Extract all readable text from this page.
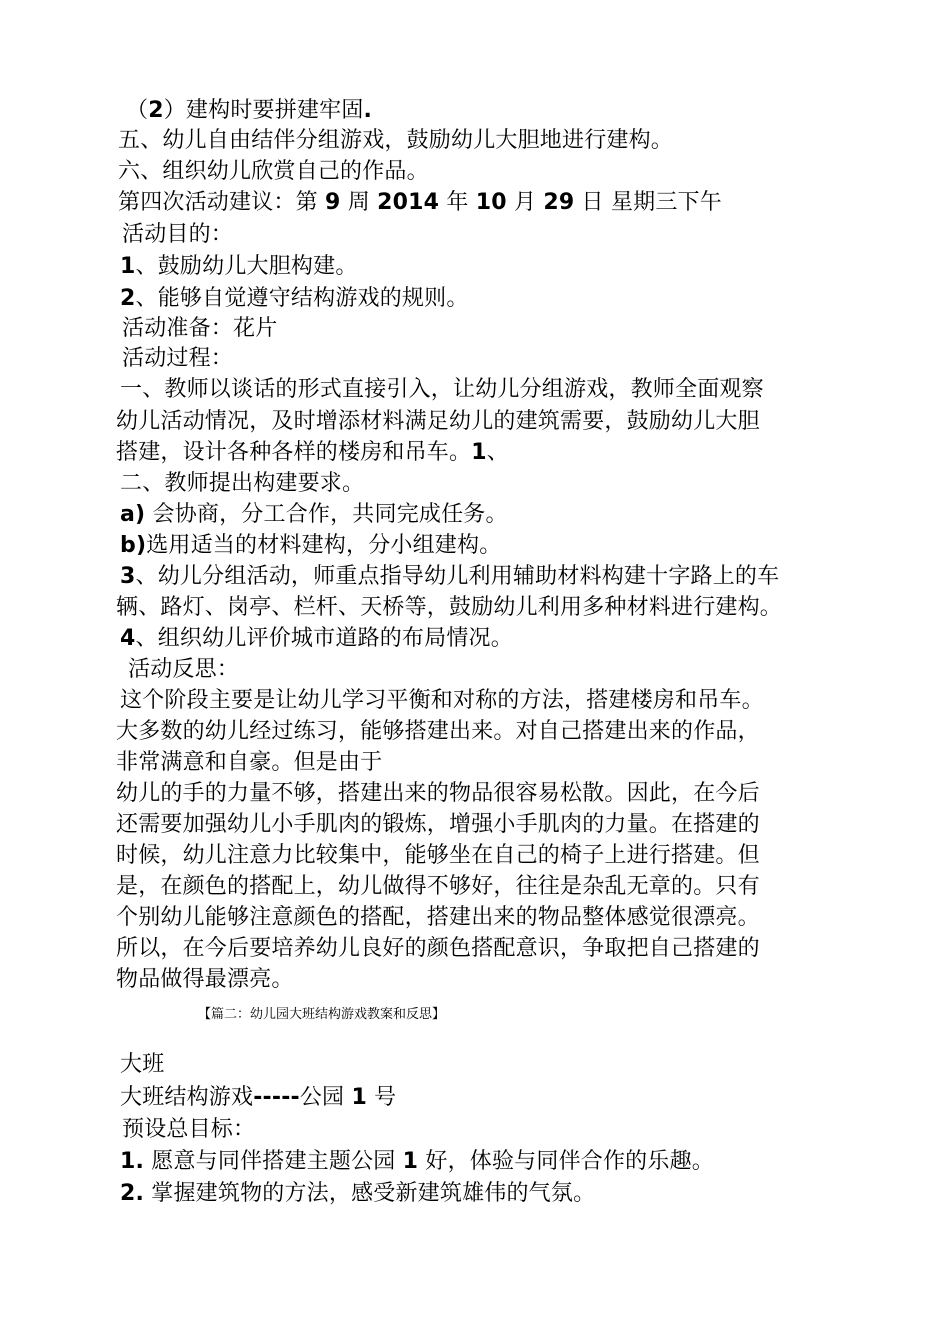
（2）建构时要拼建牢固.
五、幼儿自由结伴分组游戏，鼓励幼儿大胆地进行建构。
六、组织幼儿欣赏自己的作品。
第四次活动建议：第 9 周 2014 年 10 月 29 日 星期三下午
活动目的：
1、鼓励幼儿大胆构建。
2、能够自觉遵守结构游戏的规则。
活动准备：花片
活动过程：
一、教师以谈话的形式直接引入，让幼儿分组游戏，教师全面观察
幼儿活动情况，及时增添材料满足幼儿的建筑需要，鼓励幼儿大胆
搭建，设计各种各样的楼房和吊车。1、
二、教师提出构建要求。
a) 会协商，分工合作，共同完成任务。
b)选用适当的材料建构，分小组建构。
3、幼儿分组活动，师重点指导幼儿利用辅助材料构建十字路上的车
辆、路灯、岗亭、栏杆、天桥等，鼓励幼儿利用多种材料进行建构。
4、组织幼儿评价城市道路的布局情况。
活动反思：
这个阶段主要是让幼儿学习平衡和对称的方法，搭建楼房和吊车。
大多数的幼儿经过练习，能够搭建出来。对自己搭建出来的作品，
非常满意和自豪。但是由于
幼儿的手的力量不够，搭建出来的物品很容易松散。因此，在今后
还需要加强幼儿小手肌肉的锻炼，增强小手肌肉的力量。在搭建的
时候，幼儿注意力比较集中，能够坐在自己的椅子上进行搭建。但
是，在颜色的搭配上，幼儿做得不够好，往往是杂乱无章的。只有
个别幼儿能够注意颜色的搭配，搭建出来的物品整体感觉很漂亮。
所以，在今后要培养幼儿良好的颜色搭配意识，争取把自己搭建的
物品做得最漂亮。
【篇二：幼儿园大班结构游戏教案和反思】
大班
大班结构游戏-----公园 1 号
预设总目标：
1. 愿意与同伴搭建主题公园 1 好，体验与同伴合作的乐趣。
2. 掌握建筑物的方法，感受新建筑雄伟的气氛。
